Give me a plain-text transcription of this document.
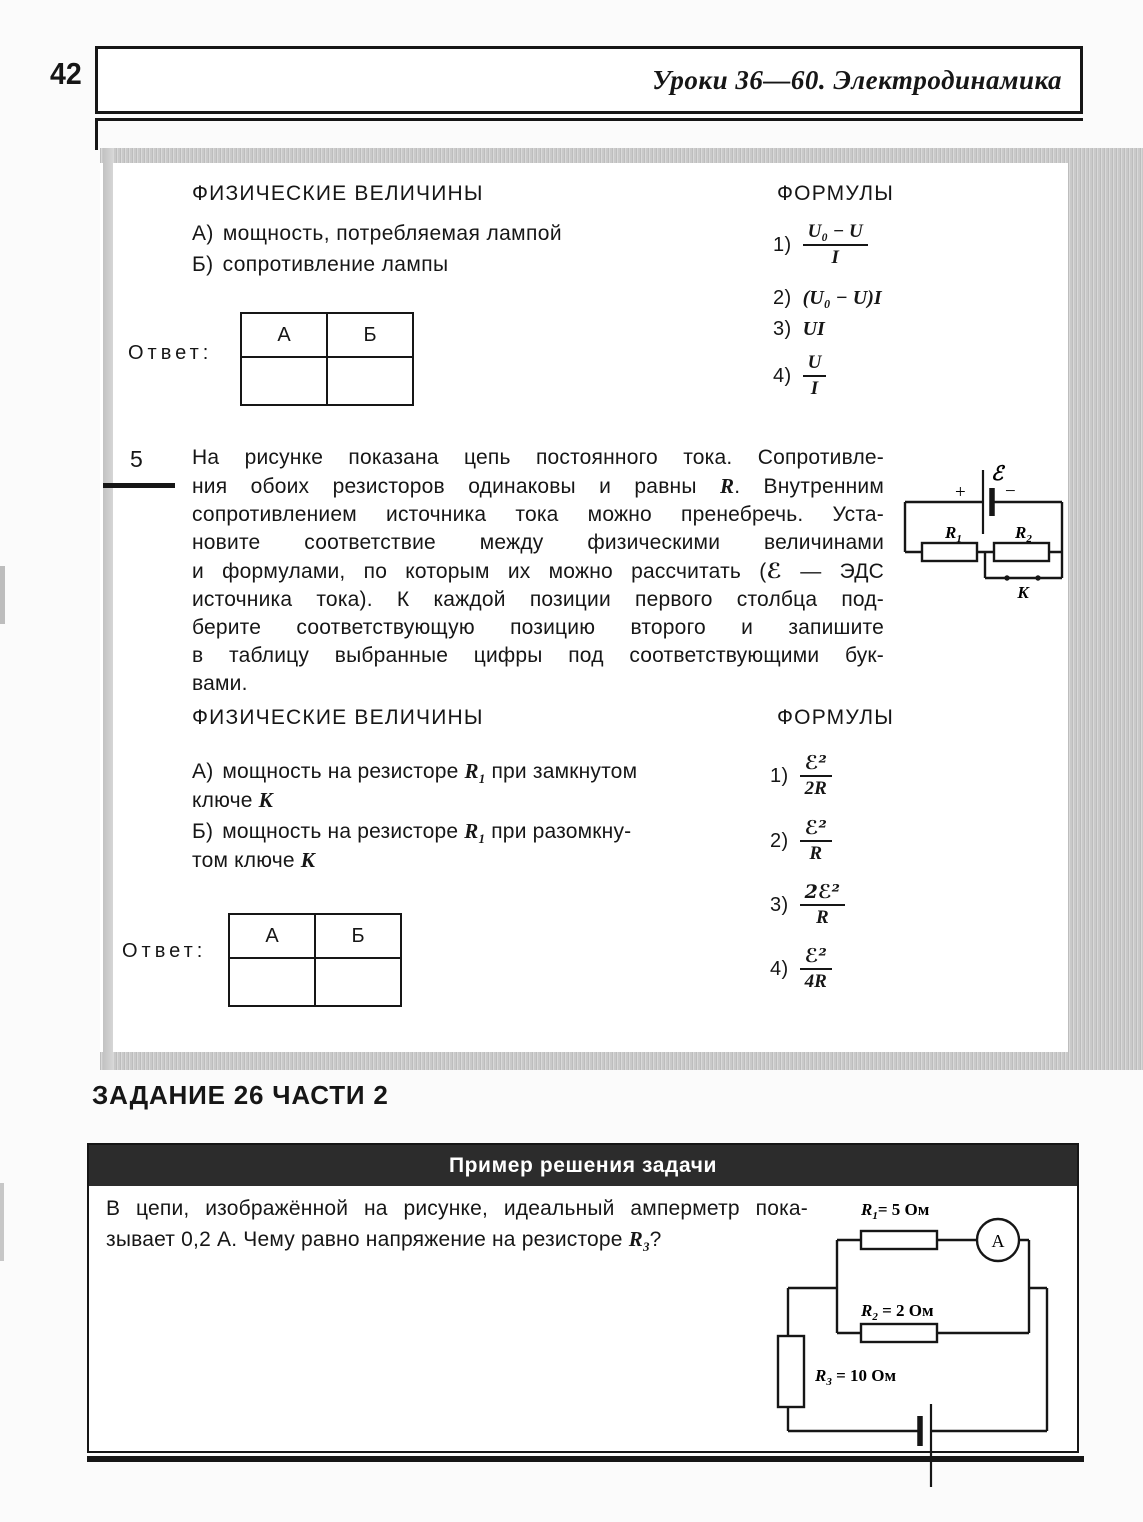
42	Уроки 36—60. Электродинамика
ФИЗИЧЕСКИЕ ВЕЛИЧИНЫ	ФОРМУЛЫ
А) мощность, потребляемая лампой
Б) сопротивление лампы
$1) \frac{\text{U₀ − U}}{I}$
2) (U₀ − U)I
3) UI
$4) \frac{U}{I}$
Ответ:
А	Б

5 На рисунке показана цепь постоянного тока. Сопротивле-
ния обоих резисторов одинаковы и равны R. Внутренним
сопротивлением источника тока можно пренебречь. Уста-
новите соответствие между физическими величинами
и формулами, по которым их можно рассчитать (ℰ — ЭДС
источника тока). К каждой позиции первого столбца под-
берите соответствующую позицию второго и запишите
в таблицу выбранные цифры под соответствующими бук-
вами.
ℰ
+ −
$R_1$	$R_2$
K
ФИЗИЧЕСКИЕ ВЕЛИЧИНЫ	ФОРМУЛЫ
А) мощность на резисторе $R_1$ при замкнутом
ключе К
Б) мощность на резисторе $R_1$ при разомкну-
том ключе К
$1) \frac{\text{ℰ²}}{2R}$
$2) \frac{\text{ℰ²}}{R}$
$3) \frac{\text{2ℰ²}}{R}$
$4) \frac{\text{ℰ²}}{4R}$
Ответ:
А	Б

ЗАДАНИЕ 26 ЧАСТИ 2
Пример решения задачи
В цепи, изображённой на рисунке, идеальный амперметр пока-
зывает 0,2 А. Чему равно напряжение на резисторе $R_3$?
$R_1= 5$ Ом
$R_2 = 2$ Ом
$R_3 = 10$ Ом
A
